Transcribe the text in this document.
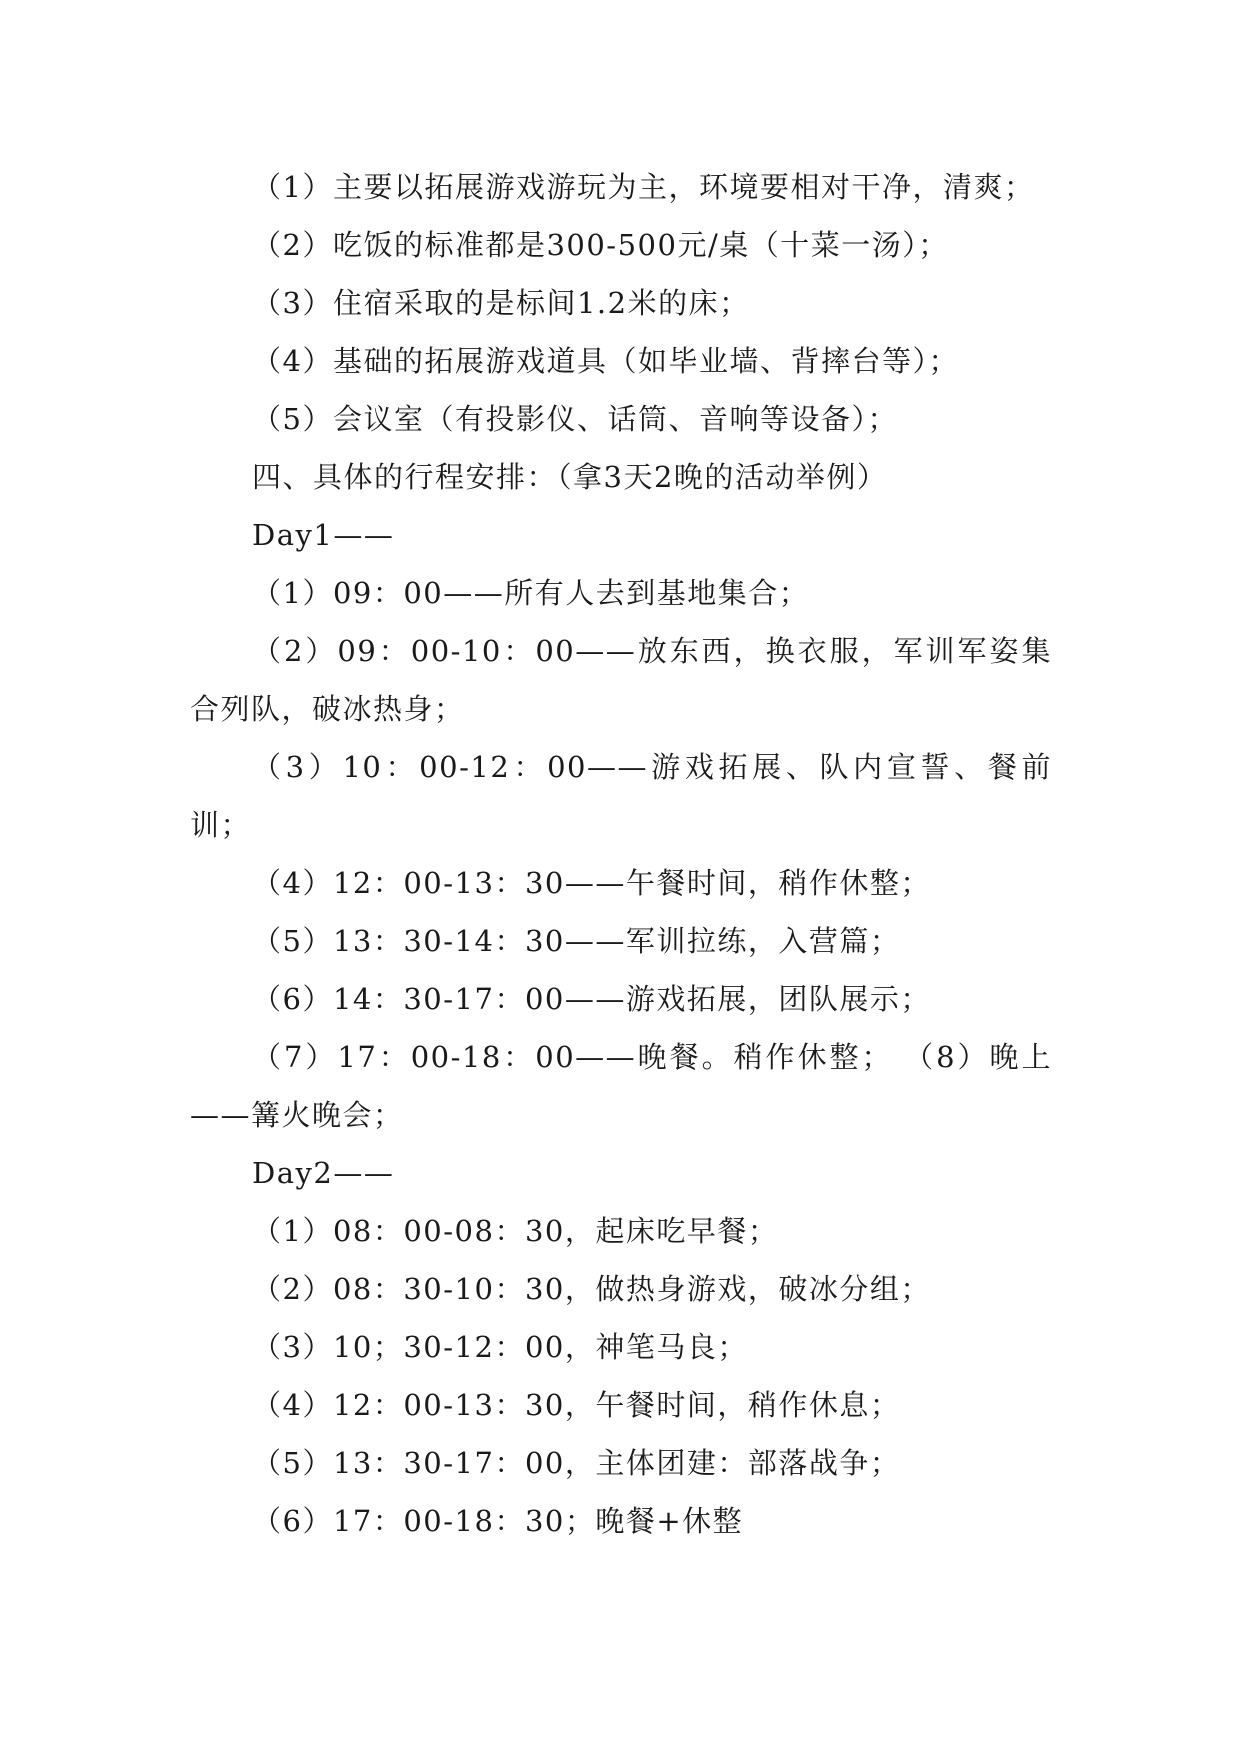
（1）主要以拓展游戏游玩为主，环境要相对干净，清爽；

（2）吃饭的标准都是300-500元/桌（十菜一汤）；

（3）住宿采取的是标间1.2米的床；

（4）基础的拓展游戏道具（如毕业墙、背摔台等）；

（5）会议室（有投影仪、话筒、音响等设备）；

四、具体的行程安排：（拿3天2晚的活动举例）

Day1——

（1）09：00——所有人去到基地集合；

（2）09：00-10：00——放东西，换衣服，军训军姿集合列队，破冰热身；

（3）10：00-12：00——游戏拓展、队内宣誓、餐前训；

（4）12：00-13：30——午餐时间，稍作休整；

（5）13：30-14：30——军训拉练，入营篇；

（6）14：30-17：00——游戏拓展，团队展示；

（7）17：00-18：00——晚餐。稍作休整； （8）晚上——篝火晚会；

Day2——

（1）08：00-08：30，起床吃早餐；

（2）08：30-10：30，做热身游戏，破冰分组；

（3）10；30-12：00，神笔马良；

（4）12：00-13：30，午餐时间，稍作休息；

（5）13：30-17：00，主体团建：部落战争；

（6）17：00-18：30；晚餐+休整
